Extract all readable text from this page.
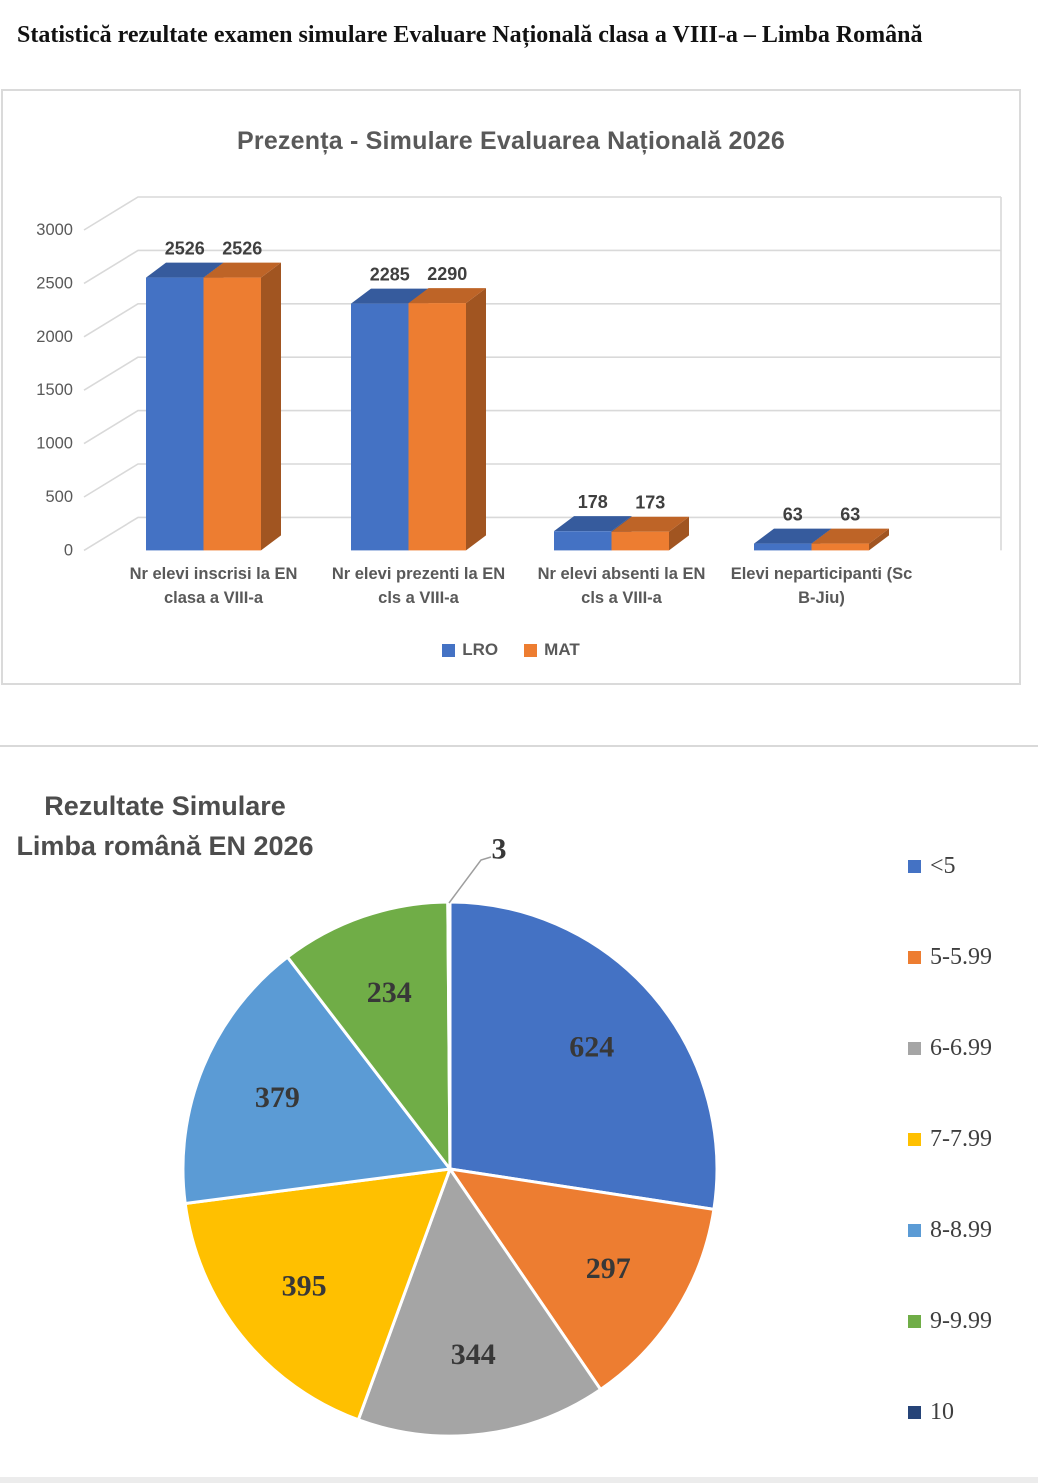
Statistică rezultate examen simulare Evaluare Națională clasa a VIII-a – Limba Română
0
500
1000
1500
2000
2500
3000
2526 2526
Nr elevi inscrisi la EN
clasa a VIII-a
2285 2290
Nr elevi prezenti la EN
cls a VIII-a
178 173
Nr elevi absenti la EN
cls a VIII-a
63 63
Elevi neparticipanti (Sc
B-Jiu)
Prezența - Simulare Evaluarea Națională 2026
LRO	MAT
624
297
344
395
379
234
3
Rezultate Simulare
Limba română EN 2026
<5
5-5.99
6-6.99
7-7.99
8-8.99
9-9.99
10
